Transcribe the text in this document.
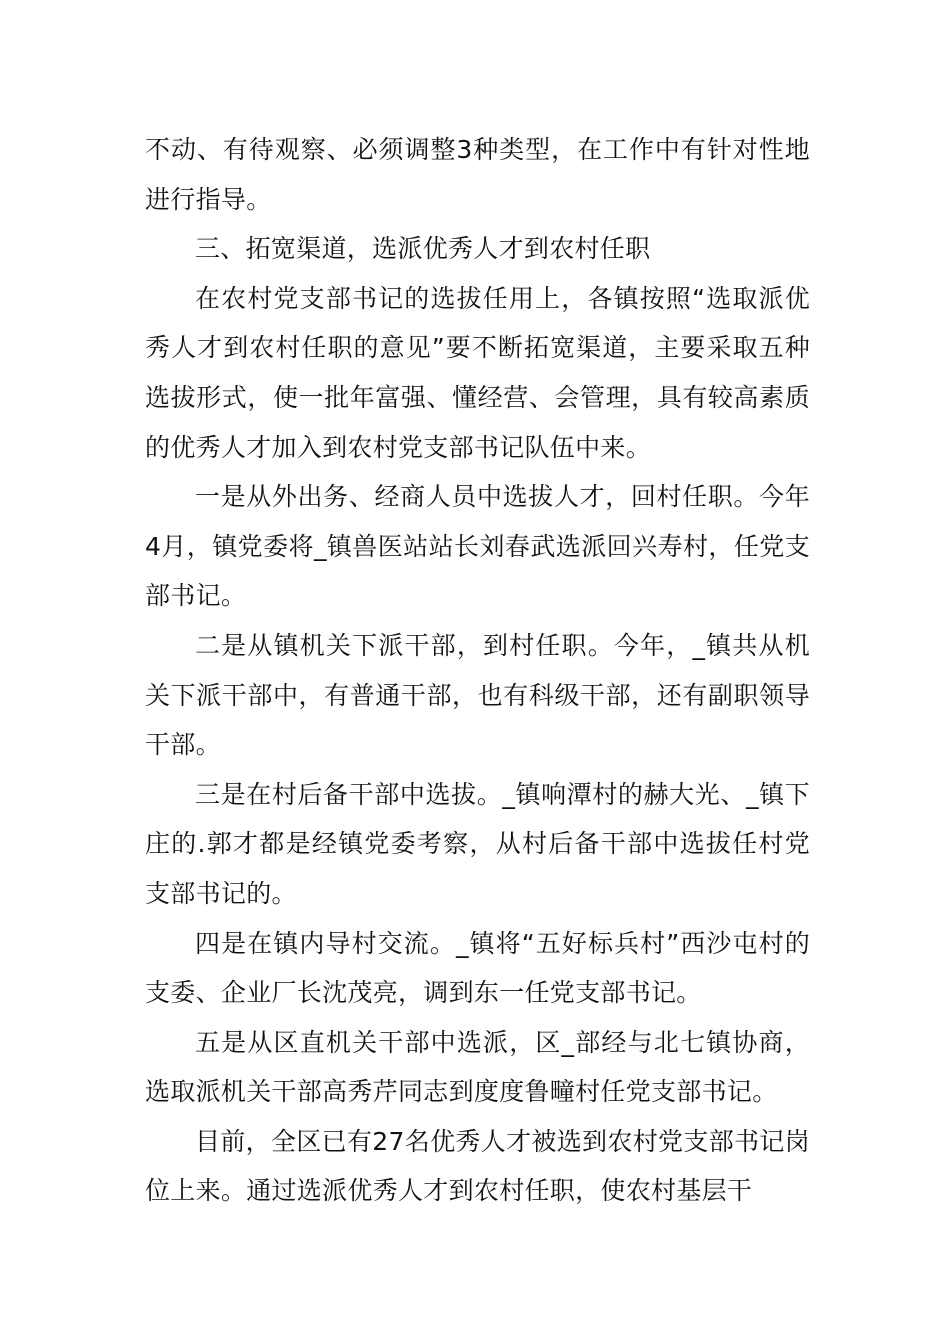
不动、有待观察、必须调整3种类型，在工作中有针对性地进行指导。

三、拓宽渠道，选派优秀人才到农村任职

在农村党支部书记的选拔任用上，各镇按照“选取派优秀人才到农村任职的意见”要不断拓宽渠道，主要采取五种选拔形式，使一批年富强、懂经营、会管理，具有较高素质的优秀人才加入到农村党支部书记队伍中来。

一是从外出务、经商人员中选拔人才，回村任职。今年4月，镇党委将_镇兽医站站长刘春武选派回兴寿村，任党支部书记。

二是从镇机关下派干部，到村任职。今年，_镇共从机关下派干部中，有普通干部，也有科级干部，还有副职领导干部。

三是在村后备干部中选拔。_镇响潭村的赫大光、_镇下庄的.郭才都是经镇党委考察，从村后备干部中选拔任村党支部书记的。

四是在镇内导村交流。_镇将“五好标兵村”西沙屯村的支委、企业厂长沈茂亮，调到东一任党支部书记。

五是从区直机关干部中选派，区_部经与北七镇协商，选取派机关干部高秀芹同志到度度鲁疃村任党支部书记。

目前，全区已有27名优秀人才被选到农村党支部书记岗位上来。通过选派优秀人才到农村任职，使农村基层干
